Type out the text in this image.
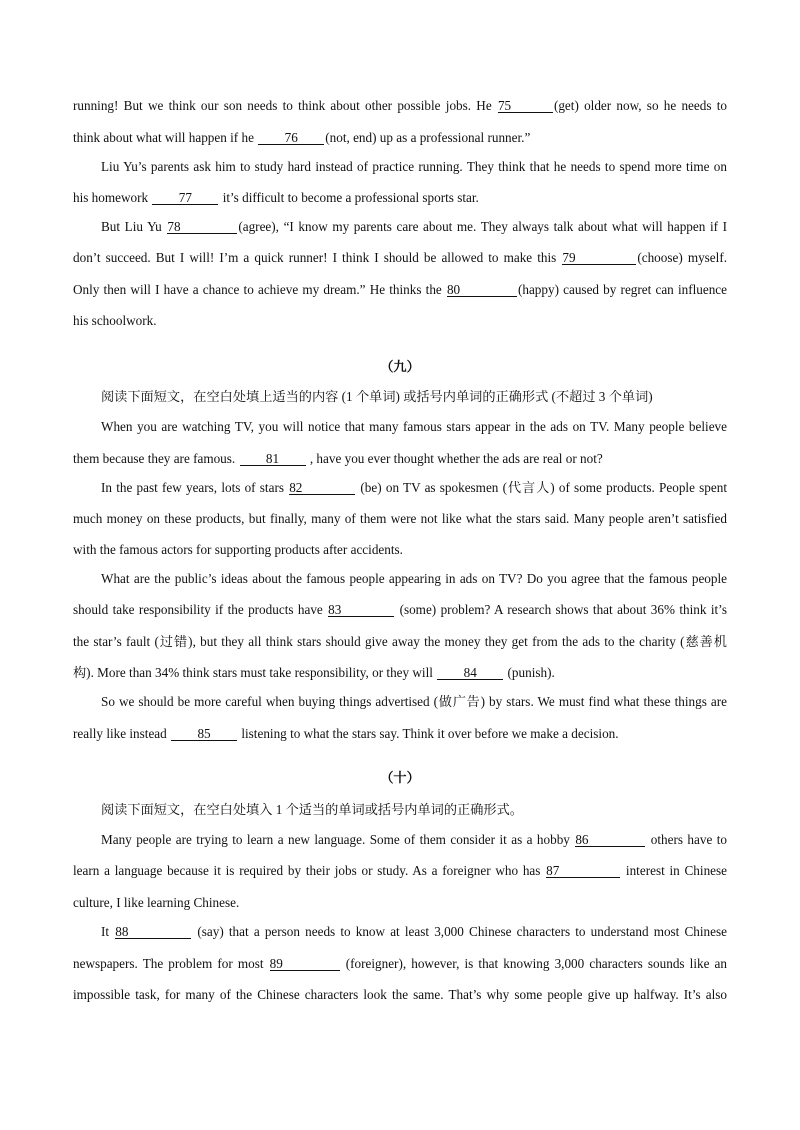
running! But we think our son needs to think about other possible jobs. He 75	(get) older now, so he needs to
think about what will happen if he 76 (not, end) up as a professional runner.”
Liu Yu’s parents ask him to study hard instead of practice running. They think that he needs to spend more time on
his homework 77 it’s difficult to become a professional sports star.
But Liu Yu 78	(agree), “I know my parents care about me. They always talk about what will happen if I
don’t succeed. But I will! I’m a quick runner! I think I should be allowed to make this 79	(choose) myself.
Only then will I have a chance to achieve my dream.” He thinks the 80	(happy) caused by regret can influence
his schoolwork.
（九）
阅读下面短文，在空白处填上适当的内容 (1 个单词) 或括号内单词的正确形式 (不超过 3 个单词)
When you are watching TV, you will notice that many famous stars appear in the ads on TV. Many people believe
them because they are famous. 81 , have you ever thought whether the ads are real or not?
In the past few years, lots of stars 82	(be) on TV as spokesmen (代言人) of some products. People spent
much money on these products, but finally, many of them were not like what the stars said. Many people aren’t satisfied
with the famous actors for supporting products after accidents.
What are the public’s ideas about the famous people appearing in ads on TV? Do you agree that the famous people
should take responsibility if the products have 83	(some) problem? A research shows that about 36% think it’s
the star’s fault (过错), but they all think stars should give away the money they get from the ads to the charity (慈善机
构). More than 34% think stars must take responsibility, or they will 84 (punish).
So we should be more careful when buying things advertised (做广告) by stars. We must find what these things are
really like instead 85 listening to what the stars say. Think it over before we make a decision.
（十）
阅读下面短文，在空白处填入 1 个适当的单词或括号内单词的正确形式。
Many people are trying to learn a new language. Some of them consider it as a hobby 86	others have to
learn a language because it is required by their jobs or study. As a foreigner who has 87	interest in Chinese
culture, I like learning Chinese.
It 88	(say) that a person needs to know at least 3,000 Chinese characters to understand most Chinese
newspapers. The problem for most 89	(foreigner), however, is that knowing 3,000 characters sounds like an
impossible task, for many of the Chinese characters look the same. That’s why some people give up halfway. It’s also
